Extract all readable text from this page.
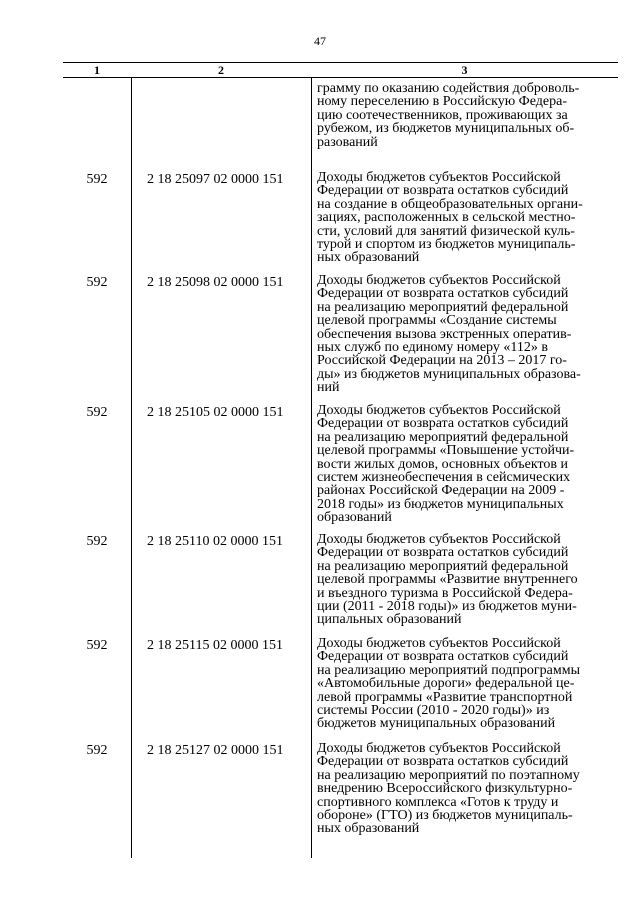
47
1	2	3
грамму по оказанию содействия доброволь-
ному переселению в Российскую Федера-
цию соотечественников, проживающих за
рубежом, из бюджетов муниципальных об-
разований
592	2 18 25097 02 0000 151	Доходы бюджетов субъектов Российской
Федерации от возврата остатков субсидий
на создание в общеобразовательных органи-
зациях, расположенных в сельской местно-
сти, условий для занятий физической куль-
турой и спортом из бюджетов муниципаль-
ных образований
592	2 18 25098 02 0000 151	Доходы бюджетов субъектов Российской
Федерации от возврата остатков субсидий
на реализацию мероприятий федеральной
целевой программы «Создание системы
обеспечения вызова экстренных оператив-
ных служб по единому номеру «112» в
Российской Федерации на 2013 – 2017 го-
ды» из бюджетов муниципальных образова-
ний
592	2 18 25105 02 0000 151	Доходы бюджетов субъектов Российской
Федерации от возврата остатков субсидий
на реализацию мероприятий федеральной
целевой программы «Повышение устойчи-
вости жилых домов, основных объектов и
систем жизнеобеспечения в сейсмических
районах Российской Федерации на 2009 -
2018 годы» из бюджетов муниципальных
образований
592	2 18 25110 02 0000 151	Доходы бюджетов субъектов Российской
Федерации от возврата остатков субсидий
на реализацию мероприятий федеральной
целевой программы «Развитие внутреннего
и въездного туризма в Российской Федера-
ции (2011 - 2018 годы)» из бюджетов муни-
ципальных образований
592	2 18 25115 02 0000 151	Доходы бюджетов субъектов Российской
Федерации от возврата остатков субсидий
на реализацию мероприятий подпрограммы
«Автомобильные дороги» федеральной це-
левой программы «Развитие транспортной
системы России (2010 - 2020 годы)» из
бюджетов муниципальных образований
592	2 18 25127 02 0000 151	Доходы бюджетов субъектов Российской
Федерации от возврата остатков субсидий
на реализацию мероприятий по поэтапному
внедрению Всероссийского физкультурно-
спортивного комплекса «Готов к труду и
обороне» (ГТО) из бюджетов муниципаль-
ных образований
